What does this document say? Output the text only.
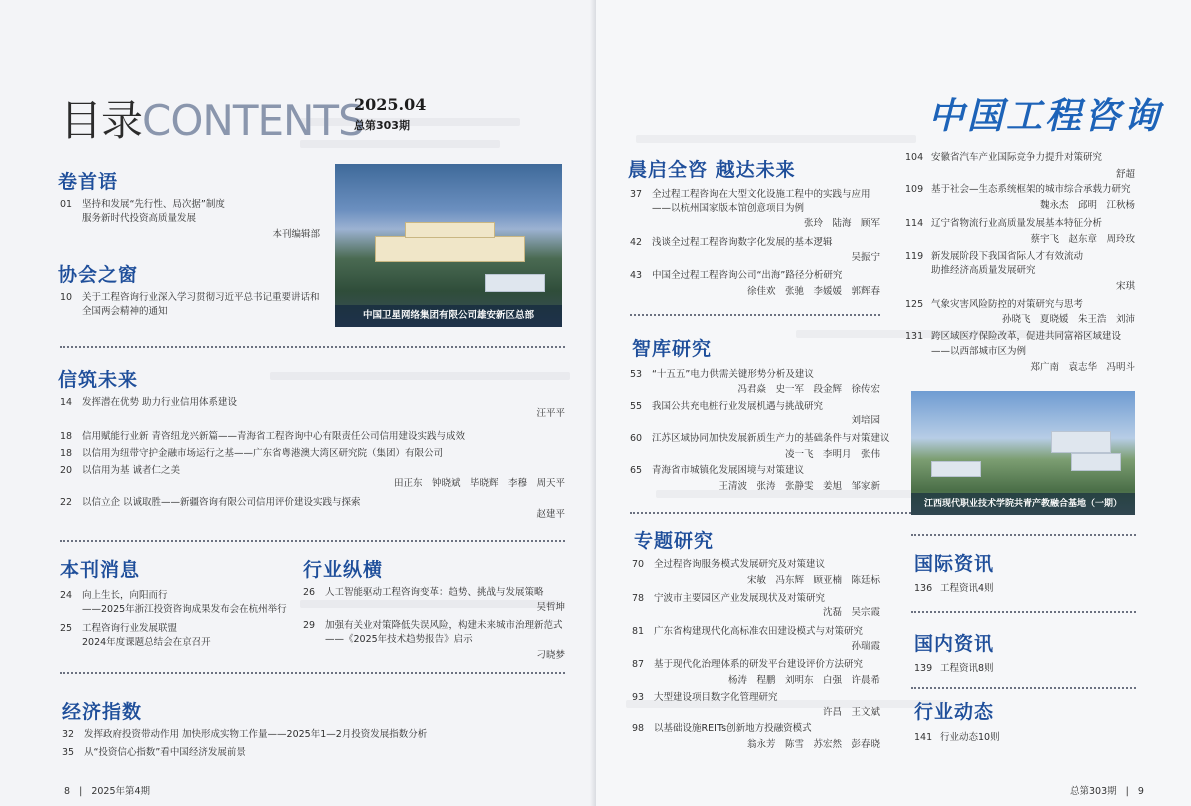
目录CONTENTS
2025.04
总第303期
卷首语
01 坚持和发展“先行性、局次据”制度
服务新时代投资高质量发展
本刊编辑部
协会之窗
10 关于工程咨询行业深入学习贯彻习近平总书记重要讲话和
全国两会精神的通知	中国卫星网络集团有限公司雄安新区总部
信筑未来
14 发挥潜在优势 助力行业信用体系建设
汪平平
18 信用赋能行业新 青咨纽龙兴新篇——青海省工程咨询中心有限责任公司信用建设实践与成效
18 以信用为纽带守护金融市场运行之基——广东省粤港澳大湾区研究院（集团）有限公司
20 以信用为基 诚者仁之美
田正东　钟晓斌　毕晓辉　李穆　周天平
22 以信立企 以诚取胜——新疆咨询有限公司信用评价建设实践与探索
赵建平
本刊消息
24 向上生长，向阳而行
——2025年浙江投资咨询成果发布会在杭州举行
25 工程咨询行业发展联盟
2024年度课题总结会在京召开
行业纵横
26 人工智能驱动工程咨询变革：趋势、挑战与发展策略
吴哲坤
29 加强有关业对策降低失误风险，构建未来城市治理新范式
——《2025年技术趋势报告》启示
刁晓梦
经济指数
32 发挥政府投资带动作用 加快形成实物工作量——2025年1—2月投资发展指数分析
35 从“投资信心指数”看中国经济发展前景
8 | 2025年第4期
中国工程咨询
晨启全咨 越达未来
37 全过程工程咨询在大型文化设施工程中的实践与应用
——以杭州国家版本馆创意项目为例
张玲　陆海　顾军
42 浅谈全过程工程咨询数字化发展的基本逻辑
吴振宁
43 中国全过程工程咨询公司“出海”路径分析研究
徐佳欢　张驰　李媛媛　郭辉春
智库研究
53 “十五五”电力供需关键形势分析及建议
冯君焱　史一军　段金辉　徐传宏
55 我国公共充电桩行业发展机遇与挑战研究
刘培园
60 江苏区域协同加快发展新质生产力的基础条件与对策建议
凌一飞　李明月　张伟
65 青海省市城镇化发展困境与对策建议
王清波　张涛　张静雯　姜旭　邹家新
专题研究
70 全过程咨询服务模式发展研究及对策建议
宋敏　冯东辉　顾亚楠　陈廷标
78 宁波市主要园区产业发展现状及对策研究
沈磊　吴宗霞
81 广东省构建现代化高标准农田建设模式与对策研究
孙瑞霞
87 基于现代化治理体系的研发平台建设评价方法研究
杨涛　程鹏　刘明东　白强　许晨希
93 大型建设项目数字化管理研究
许昌　王文斌
98 以基础设施REITs创新地方投融资模式
翁永芳　陈雪　苏宏然　彭春晓
104 安徽省汽车产业国际竞争力提升对策研究
舒超
109 基于社会—生态系统框架的城市综合承载力研究
魏永杰　邱明　江秋杨
114 辽宁省物流行业高质量发展基本特征分析
蔡宇飞　赵东章　周玲玫
119 新发展阶段下我国省际人才有效流动
助推经济高质量发展研究
宋琪
125 气象灾害风险防控的对策研究与思考
孙晓飞　夏晓媛　朱王浩　刘沛
131 跨区域医疗保险改革，促进共同富裕区域建设
——以西部城市区为例
郑广南　袁志华　冯明斗
江西现代职业技术学院共青产教融合基地（一期）
国际资讯
136 工程资讯4则
国内资讯
139 工程资讯8则
行业动态
141 行业动态10则
总第303期 | 9
